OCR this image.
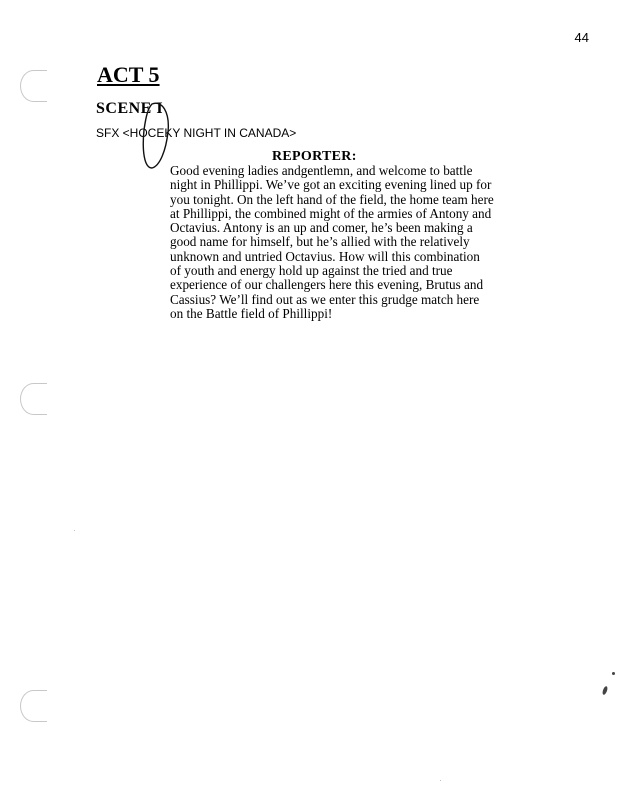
44
ACT 5
SCENE I
SFX <HOCEKY NIGHT IN CANADA>
REPORTER:
Good evening ladies andgentlemn, and welcome to battle
night in Phillippi. We’ve got an exciting evening lined up for
you tonight. On the left hand of the field, the home team here
at Phillippi, the combined might of the armies of Antony and
Octavius. Antony is an up and comer, he’s been making a
good name for himself, but he’s allied with the relatively
unknown and untried Octavius. How will this combination
of youth and energy hold up against the tried and true
experience of our challengers here this evening, Brutus and
Cassius? We’ll find out as we enter this grudge match here
on the Battle field of Phillippi!
